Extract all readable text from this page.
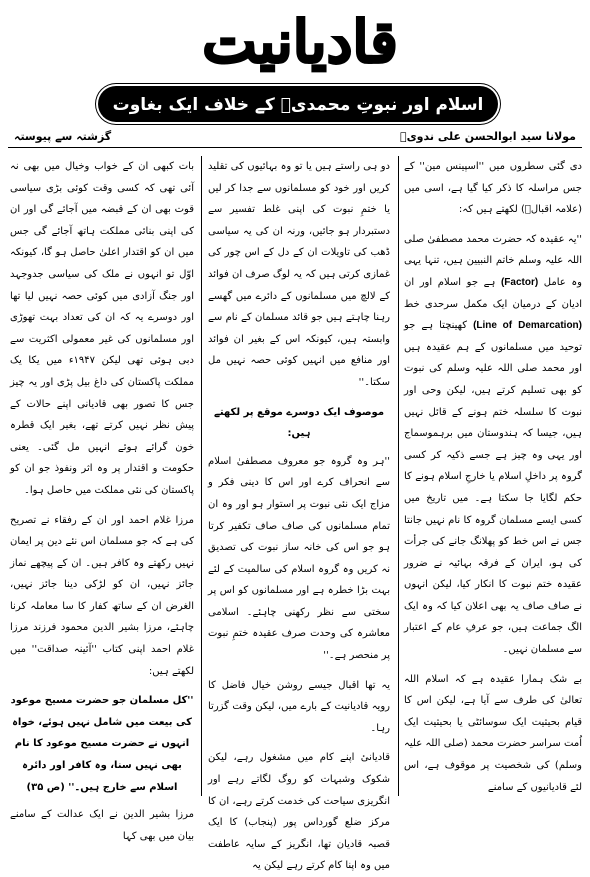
قادیانیت
اسلام اور نبوتِ محمدیؐ کے خلاف ایک بغاوت
گزشتہ سے پیوستہ	مولانا سید ابوالحسن علی ندویؒ

دی گئی سطروں میں ''اسپینس مین'' کے جس مراسلہ کا ذکر کیا گیا ہے، اسی میں (علامہ اقبالؒ) لکھتے ہیں کہ:

''یہ عقیدہ کہ حضرت محمد مصطفیٰ صلی اللہ علیہ وسلم خاتم النبیین ہیں، تنہا یہی وہ عامل (Factor) ہے جو اسلام اور ان ادیان کے درمیان ایک مکمل سرحدی خط (Line of Demarcation) کھینچتا ہے جو توحید میں مسلمانوں کے ہم عقیدہ ہیں اور محمد صلی اللہ علیہ وسلم کی نبوت کو بھی تسلیم کرتے ہیں، لیکن وحی اور نبوت کا سلسلہ ختم ہونے کے قائل نہیں ہیں، جیسا کہ ہندوستان میں برہموسماج اور یہی وہ چیز ہے جسے ذکیہ کر کسی گروہ پر داخلِ اسلام یا خارجِ اسلام ہونے کا حکم لگایا جا سکتا ہے۔ میں تاریخ میں کسی ایسے مسلمان گروہ کا نام نہیں جانتا جس نے اس خط کو پھلانگ جانے کی جرأت کی ہو، ایران کے فرقہ بہائیہ نے ضرور عقیدہ ختم نبوت کا انکار کیا، لیکن انہوں نے صاف صاف یہ بھی اعلان کیا کہ وہ ایک الگ جماعت ہیں، جو عرفِ عام کے اعتبار سے مسلمان نہیں۔

بے شک ہمارا عقیدہ ہے کہ اسلام اللہ تعالیٰ کی طرف سے آیا ہے، لیکن اس کا قیام بحیثیت ایک سوسائٹی یا بحیثیت ایک اُمت سراسر حضرت محمد (صلی اللہ علیہ وسلم) کی شخصیت پر موقوف ہے، اس لئے قادیانیوں کے سامنے

دو ہی راستے ہیں یا تو وہ بہائیوں کی تقلید کریں اور خود کو مسلمانوں سے جدا کر لیں یا ختمِ نبوت کی اپنی غلط تفسیر سے دستبردار ہو جائیں، ورنہ ان کی یہ سیاسی ڈھب کی تاویلات ان کے دل کے اس چور کی غمازی کرتی ہیں کہ یہ لوگ صرف ان فوائد کے لالچ میں مسلمانوں کے دائرے میں گھسے رہنا چاہتے ہیں جو قائد مسلمان کے نام سے وابستہ ہیں، کیونکہ اس کے بغیر ان فوائد اور منافع میں انہیں کوئی حصہ نہیں مل سکتا۔''

موصوف ایک دوسرے موقع پر لکھتے ہیں:

''ہر وہ گروہ جو معروف مصطفیٰ اسلام سے انحراف کرے اور اس کا دینی فکر و مزاج ایک نئی نبوت پر استوار ہو اور وہ ان تمام مسلمانوں کی صاف صاف تکفیر کرتا ہو جو اس کی خانہ ساز نبوت کی تصدیق نہ کریں وہ گروہ اسلام کی سالمیت کے لئے بہت بڑا خطرہ ہے اور مسلمانوں کو اس پر سختی سے نظر رکھنی چاہئے۔ اسلامی معاشرہ کی وحدت صرف عقیدہ ختمِ نبوت پر منحصر ہے۔''

یہ تھا اقبال جیسے روشن خیال فاضل کا رویہ قادیانیت کے بارے میں، لیکن وقت گزرتا رہا۔

قادیانیٔ اپنے کام میں مشغول رہے، لیکن شکوک وشبہات کو روگ لگاتے رہے اور انگریزی سیاحت کی خدمت کرتے رہے، ان کا مرکز ضلع گورداس پور (پنجاب) کا ایک قصبہ قادیان تھا، انگریز کے سایہ عاطفت میں وہ اپنا کام کرتے رہے لیکن یہ

بات کبھی ان کے خواب وخیال میں بھی نہ آئی تھی کہ کسی وقت کوئی بڑی سیاسی قوت بھی ان کے قبضہ میں آجائے گی اور ان کی اپنی بنائی مملکت ہاتھ آجائے گی جس میں ان کو اقتدار اعلیٰ حاصل ہو گا، کیونکہ اوّل تو انہوں نے ملک کی سیاسی جدوجہد اور جنگ آزادی میں کوئی حصہ نہیں لیا تھا اور دوسرے یہ کہ ان کی تعداد بہت تھوڑی اور مسلمانوں کی غیر معمولی اکثریت سے دبی ہوئی تھی لیکن ۱۹۴۷ء میں یکا یک مملکت پاکستان کی داغ بیل پڑی اور یہ چیز جس کا تصور بھی قادیانی اپنے حالات کے پیش نظر نہیں کرتے تھے، بغیر ایک قطرہ خون گرائے ہوئے انہیں مل گئی۔ یعنی حکومت و اقتدار پر وہ اثر ونفوذ جو ان کو پاکستان کی نئی مملکت میں حاصل ہوا۔

مرزا غلام احمد اور ان کے رفقاء نے تصریح کی ہے کہ جو مسلمان اس نئے دین پر ایمان نہیں رکھتے وہ کافر ہیں۔ ان کے پیچھے نماز جائز نہیں، ان کو لڑکی دینا جائز نہیں، الغرض ان کے ساتھ کفار کا سا معاملہ کرنا چاہئے، مرزا بشیر الدین محمود فرزند مرزا غلام احمد اپنی کتاب ''آئینہ صداقت'' میں لکھتے ہیں:

''کل مسلمان جو حضرت مسیح موعود کی بیعت میں شامل نہیں ہوئے، خواہ انہوں نے حضرت مسیح موعود کا نام بھی نہیں سنا، وہ کافر اور دائرہ اسلام سے خارج ہیں۔'' (ص ۳۵)

مرزا بشیر الدین نے ایک عدالت کے سامنے بیان میں بھی کہا
